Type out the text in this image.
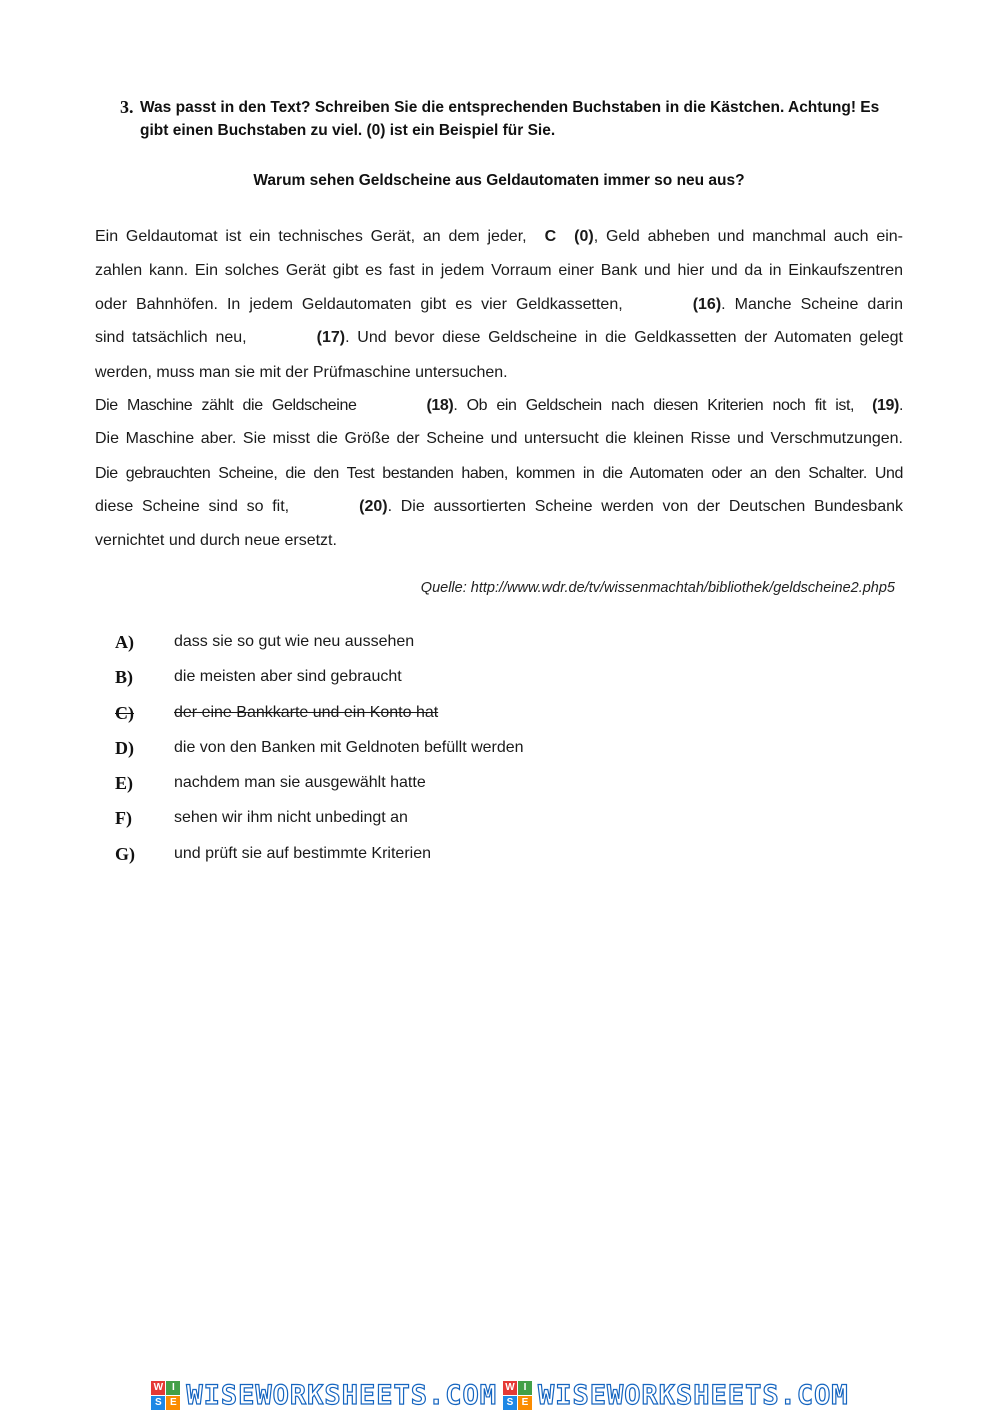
3. Was passt in den Text? Schreiben Sie die entsprechenden Buchstaben in die Kästchen. Achtung! Es gibt einen Buchstaben zu viel. (0) ist ein Beispiel für Sie.
Warum sehen Geldscheine aus Geldautomaten immer so neu aus?
Ein Geldautomat ist ein technisches Gerät, an dem jeder, C (0), Geld abheben und manchmal auch ein-
zahlen kann. Ein solches Gerät gibt es fast in jedem Vorraum einer Bank und hier und da in Einkaufszentren
oder Bahnhöfen. In jedem Geldautomaten gibt es vier Geldkassetten,	(16). Manche Scheine darin
sind tatsächlich neu,	(17). Und bevor diese Geldscheine in die Geldkassetten der Automaten gelegt
werden, muss man sie mit der Prüfmaschine untersuchen.
Die Maschine zählt die Geldscheine	(18). Ob ein Geldschein nach diesen Kriterien noch fit ist, (19).
Die Maschine aber. Sie misst die Größe der Scheine und untersucht die kleinen Risse und Verschmutzungen.
Die gebrauchten Scheine, die den Test bestanden haben, kommen in die Automaten oder an den Schalter. Und
diese Scheine sind so fit,	(20). Die aussortierten Scheine werden von der Deutschen Bundesbank
vernichtet und durch neue ersetzt.
Quelle: http://www.wdr.de/tv/wissenmachtah/bibliothek/geldscheine2.php5
A)	dass sie so gut wie neu aussehen
B)	die meisten aber sind gebraucht
C)	der eine Bankkarte und ein Konto hat
D)	die von den Banken mit Geldnoten befüllt werden
E)	nachdem man sie ausgewählt hatte
F)	sehen wir ihm nicht unbedingt an
G)	und prüft sie auf bestimmte Kriterien
W I
S E WISEWORKSHEETS.COM W I
S E WISEWORKSHEETS.COM
